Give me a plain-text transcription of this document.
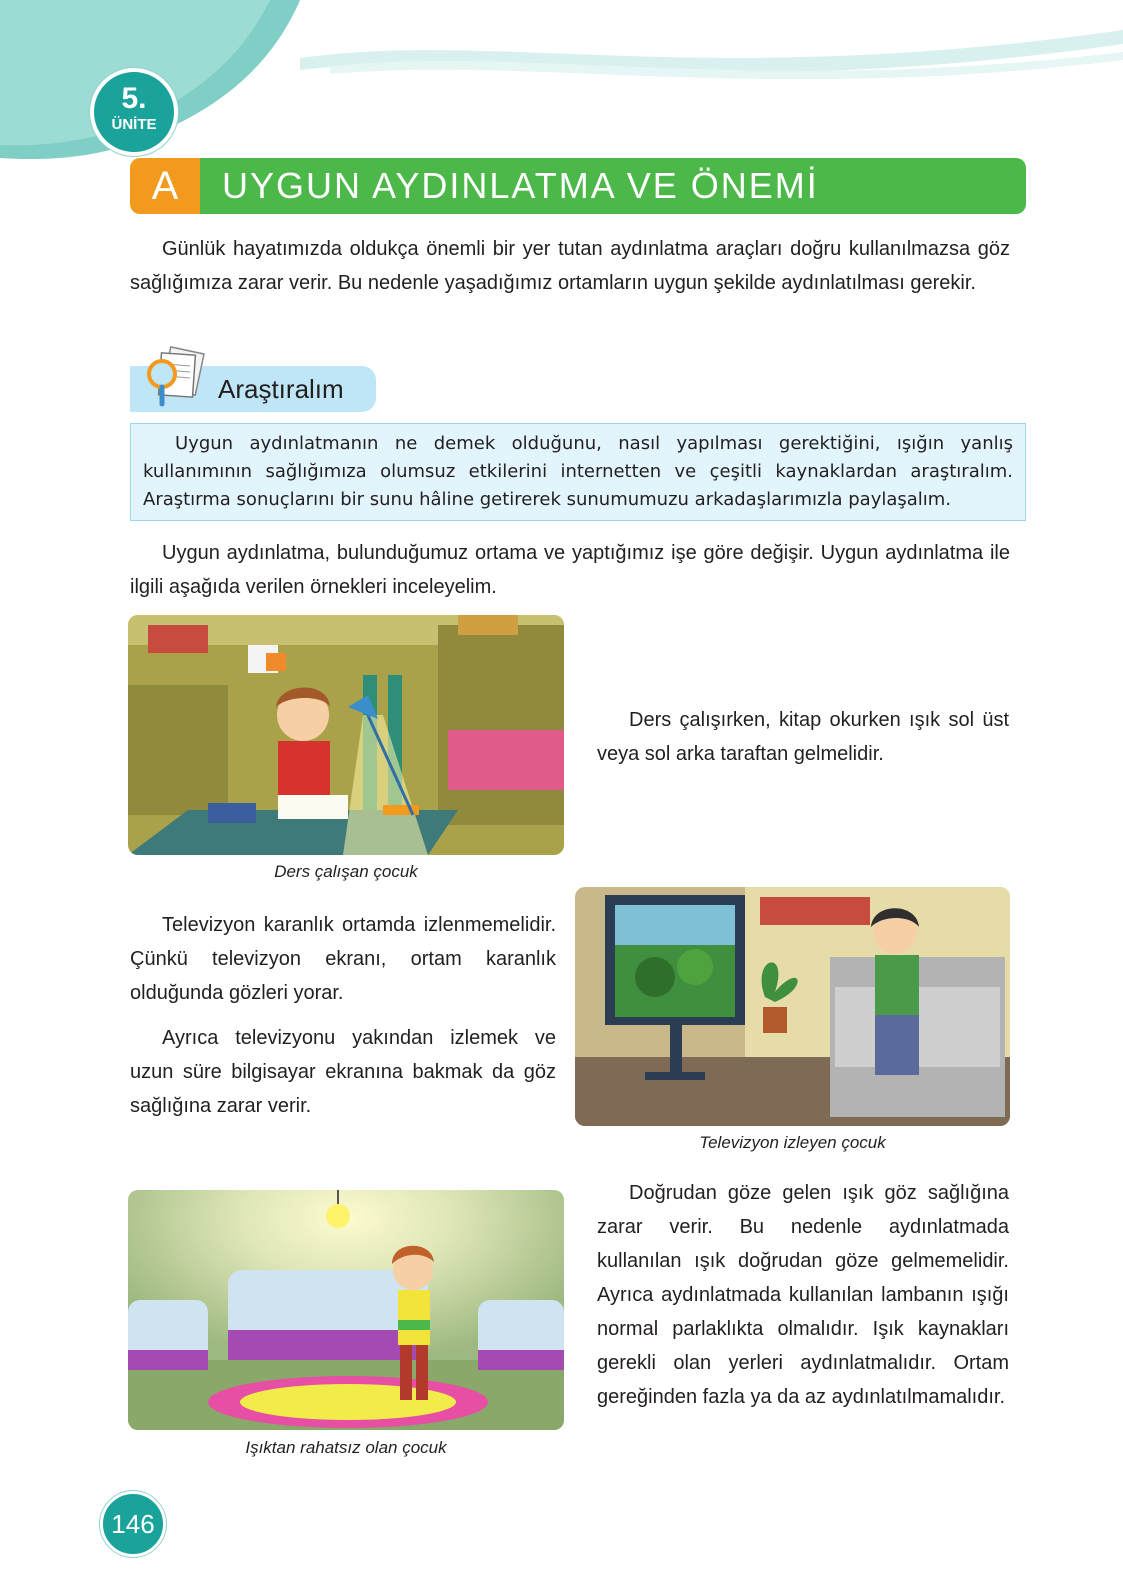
5.
ÜNİTE
A	UYGUN AYDINLATMA VE ÖNEMİ

Günlük hayatımızda oldukça önemli bir yer tutan aydınlatma araçları doğru kullanılmazsa göz sağlığımıza zarar verir. Bu nedenle yaşadığımız ortamların uygun şekilde aydınlatılması gerekir.

Araştıralım
Uygun aydınlatmanın ne demek olduğunu, nasıl yapılması gerektiğini, ışığın yanlış kullanımının sağlığımıza olumsuz etkilerini internetten ve çeşitli kaynaklardan araştıralım. Araştırma sonuçlarını bir sunu hâline getirerek sunumumuzu arkadaşlarımızla paylaşalım.

Uygun aydınlatma, bulunduğumuz ortama ve yaptığımız işe göre değişir. Uygun aydınlatma ile ilgili aşağıda verilen örnekleri inceleyelim.

Ders çalışan çocuk

Ders çalışırken, kitap okurken ışık sol üst veya sol arka taraftan gelmelidir.

Televizyon karanlık ortamda izlenmemelidir. Çünkü televizyon ekranı, ortam karanlık olduğunda gözleri yorar.

Ayrıca televizyonu yakından izlemek ve uzun süre bilgisayar ekranına bakmak da göz sağlığına zarar verir.

Televizyon izleyen çocuk
Işıktan rahatsız olan çocuk

Doğrudan göze gelen ışık göz sağlığına zarar verir. Bu nedenle aydınlatmada kullanılan ışık doğrudan göze gelmemelidir. Ayrıca aydınlatmada kullanılan lambanın ışığı normal parlaklıkta olmalıdır. Işık kaynakları gerekli olan yerleri aydınlatmalıdır. Ortam gereğinden fazla ya da az aydınlatılmamalıdır.

146
